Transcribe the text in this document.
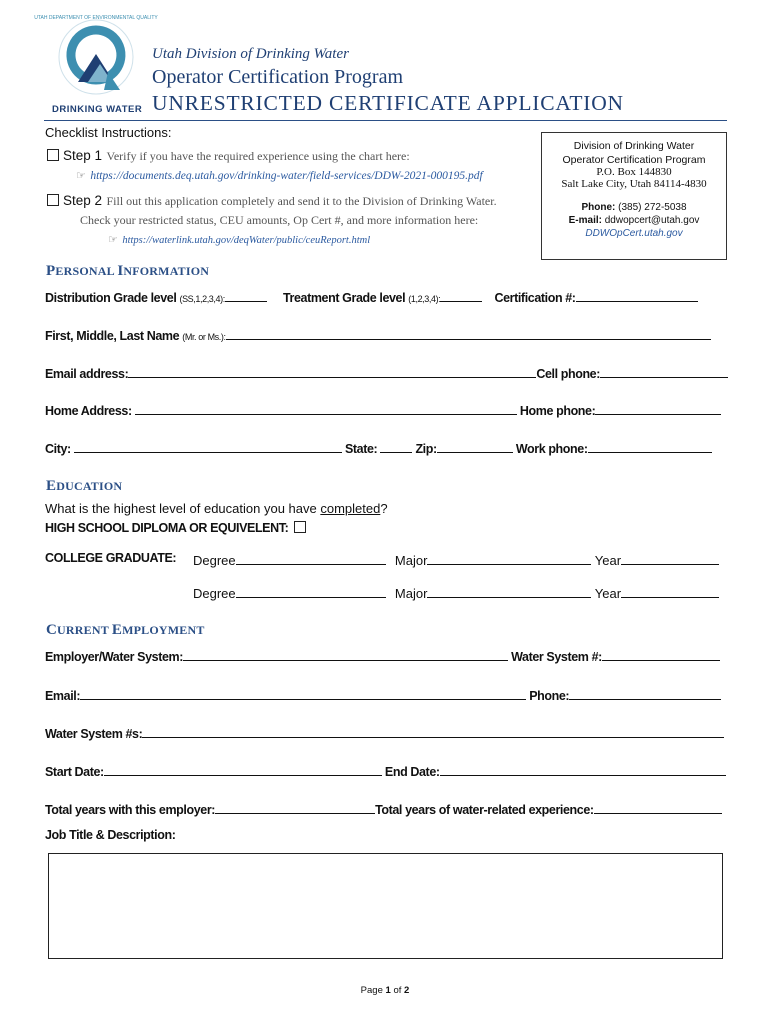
UTAH DEPARTMENT OF ENVIRONMENTAL QUALITY
DRINKING WATER
Utah Division of Drinking Water
Operator Certification Program
UNRESTRICTED CERTIFICATE APPLICATION
Checklist Instructions:
Step 1 Verify if you have the required experience using the chart here:
☞ https://documents.deq.utah.gov/drinking-water/field-services/DDW-2021-000195.pdf
Step 2 Fill out this application completely and send it to the Division of Drinking Water.
Check your restricted status, CEU amounts, Op Cert #, and more information here:
☞ https://waterlink.utah.gov/deqWater/public/ceuReport.html
Division of Drinking Water
Operator Certification Program
P.O. Box 144830
Salt Lake City, Utah 84114-4830
Phone: (385) 272-5038
E-mail: ddwopcert@utah.gov
DDWOpCert.utah.gov
PERSONAL INFORMATION
Distribution Grade level (SS,1,2,3,4):	Treatment Grade level (1,2,3,4):	Certification #:
First, Middle, Last Name (Mr. or Ms.):
Email address:	Cell phone:
Home Address:	Home phone:
City:	State:	Zip:	Work phone:
EDUCATION
What is the highest level of education you have completed?
HIGH SCHOOL DIPLOMA OR EQUIVELENT:
COLLEGE GRADUATE: Degree	Major	Year
Degree	Major	Year
CURRENT EMPLOYMENT
Employer/Water System:	Water System #:
Email:	Phone:
Water System #s:
Start Date:	End Date:
Total years with this employer:	Total years of water-related experience:
Job Title & Description:
Page 1 of 2
